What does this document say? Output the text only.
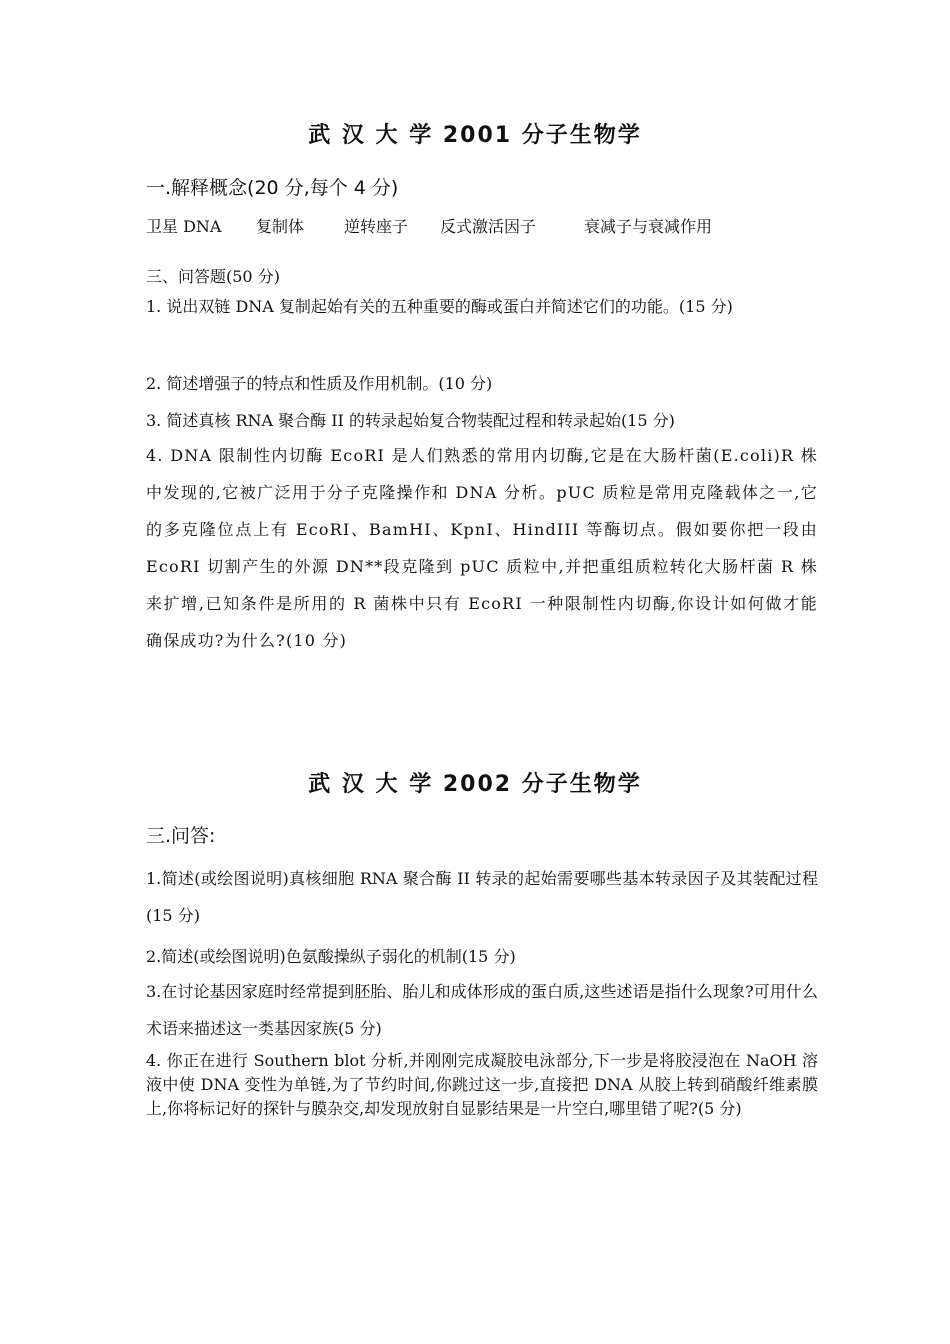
武 汉 大 学 2001 分子生物学
一.解释概念(20 分,每个 4 分)
卫星 DNA	复制体	逆转座子	反式激活因子	衰减子与衰减作用
三、问答题(50 分)

1. 说出双链 DNA 复制起始有关的五种重要的酶或蛋白并简述它们的功能。(15 分)

2. 简述增强子的特点和性质及作用机制。(10 分)
3. 简述真核 RNA 聚合酶 II 的转录起始复合物装配过程和转录起始(15 分)

4. DNA 限制性内切酶 EcoRI 是人们熟悉的常用内切酶,它是在大肠杆菌(E.coli)R 株中发现的,它被广泛用于分子克隆操作和 DNA 分析。pUC 质粒是常用克隆载体之一,它的多克隆位点上有 EcoRI、BamHI、KpnI、HindIII 等酶切点。假如要你把一段由 EcoRI 切割产生的外源 DN**段克隆到 pUC 质粒中,并把重组质粒转化大肠杆菌 R 株来扩增,已知条件是所用的 R 菌株中只有 EcoRI 一种限制性内切酶,你设计如何做才能确保成功?为什么?(10 分)

武 汉 大 学 2002 分子生物学
三.问答:

1.简述(或绘图说明)真核细胞 RNA 聚合酶 II 转录的起始需要哪些基本转录因子及其装配过程(15 分)

2.简述(或绘图说明)色氨酸操纵子弱化的机制(15 分)

3.在讨论基因家庭时经常提到胚胎、胎儿和成体形成的蛋白质,这些述语是指什么现象?可用什么术语来描述这一类基因家族(5 分)

4. 你正在进行 Southern blot 分析,并刚刚完成凝胶电泳部分,下一步是将胶浸泡在 NaOH 溶液中使 DNA 变性为单链,为了节约时间,你跳过这一步,直接把 DNA 从胶上转到硝酸纤维素膜上,你将标记好的探针与膜杂交,却发现放射自显影结果是一片空白,哪里错了呢?(5 分)
